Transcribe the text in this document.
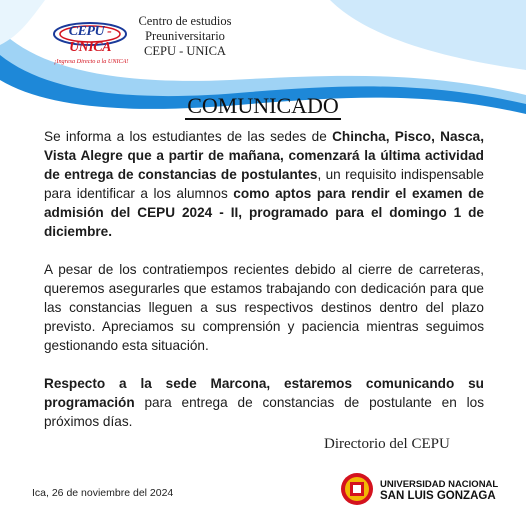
CEPU - UNICA
¡Ingresa Directo a la UNICA!
Centro de estudios
Preuniversitario
CEPU - UNICA
COMUNICADO

Se informa a los estudiantes de las sedes de Chincha, Pisco, Nasca, Vista Alegre que a partir de mañana, comenzará la última actividad de entrega de constancias de postulantes, un requisito indispensable para identificar a los alumnos como aptos para rendir el examen de admisión del CEPU 2024 - II, programado para el domingo 1 de diciembre.

A pesar de los contratiempos recientes debido al cierre de carreteras, queremos asegurarles que estamos trabajando con dedicación para que las constancias lleguen a sus respectivos destinos dentro del plazo previsto. Apreciamos su comprensión y paciencia mientras seguimos gestionando esta situación.

Respecto a la sede Marcona, estaremos comunicando su programación para entrega de constancias de postulante en los próximos días.

Directorio del CEPU
Ica, 26 de noviembre del 2024
UNIVERSIDAD NACIONAL
SAN LUIS GONZAGA
